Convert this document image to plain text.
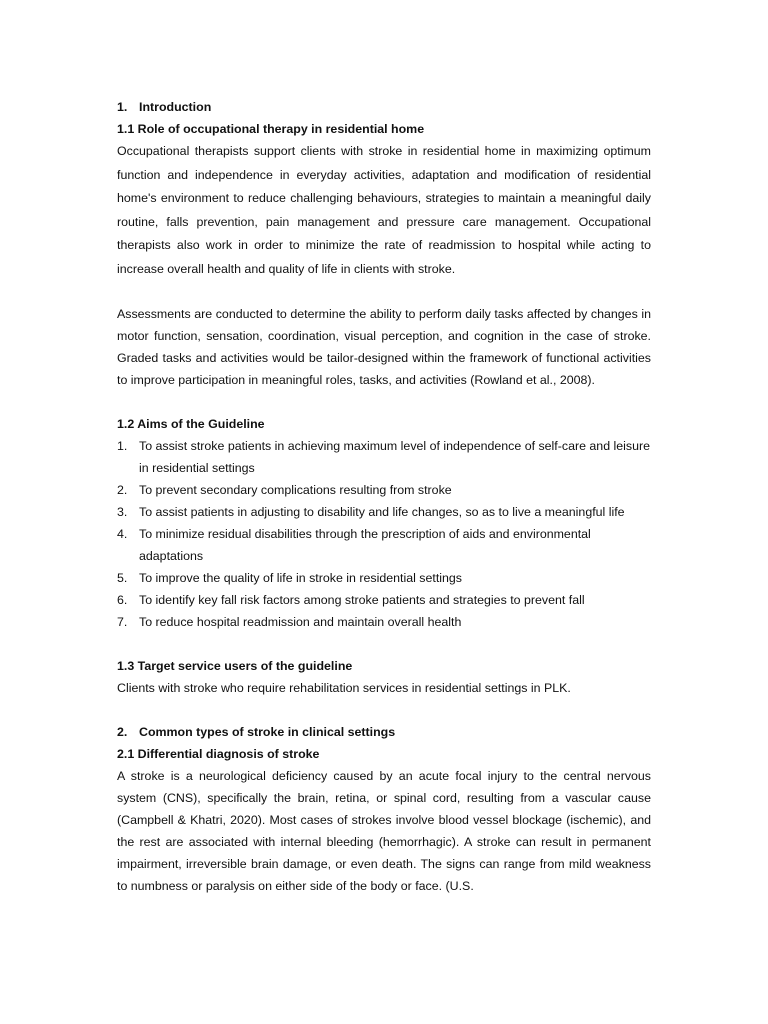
1. Introduction

1.1 Role of occupational therapy in residential home

Occupational therapists support clients with stroke in residential home in maximizing optimum function and independence in everyday activities, adaptation and modification of residential home's environment to reduce challenging behaviours, strategies to maintain a meaningful daily routine, falls prevention, pain management and pressure care management. Occupational therapists also work in order to minimize the rate of readmission to hospital while acting to increase overall health and quality of life in clients with stroke.

Assessments are conducted to determine the ability to perform daily tasks affected by changes in motor function, sensation, coordination, visual perception, and cognition in the case of stroke. Graded tasks and activities would be tailor-designed within the framework of functional activities to improve participation in meaningful roles, tasks, and activities (Rowland et al., 2008).

1.2 Aims of the Guideline

1. To assist stroke patients in achieving maximum level of independence of self-care and leisure in residential settings
2. To prevent secondary complications resulting from stroke
3. To assist patients in adjusting to disability and life changes, so as to live a meaningful life
4. To minimize residual disabilities through the prescription of aids and environmental adaptations
5. To improve the quality of life in stroke in residential settings
6. To identify key fall risk factors among stroke patients and strategies to prevent fall
7. To reduce hospital readmission and maintain overall health

1.3 Target service users of the guideline

Clients with stroke who require rehabilitation services in residential settings in PLK.

2. Common types of stroke in clinical settings

2.1 Differential diagnosis of stroke

A stroke is a neurological deficiency caused by an acute focal injury to the central nervous system (CNS), specifically the brain, retina, or spinal cord, resulting from a vascular cause (Campbell & Khatri, 2020). Most cases of strokes involve blood vessel blockage (ischemic), and the rest are associated with internal bleeding (hemorrhagic). A stroke can result in permanent impairment, irreversible brain damage, or even death. The signs can range from mild weakness to numbness or paralysis on either side of the body or face. (U.S.
